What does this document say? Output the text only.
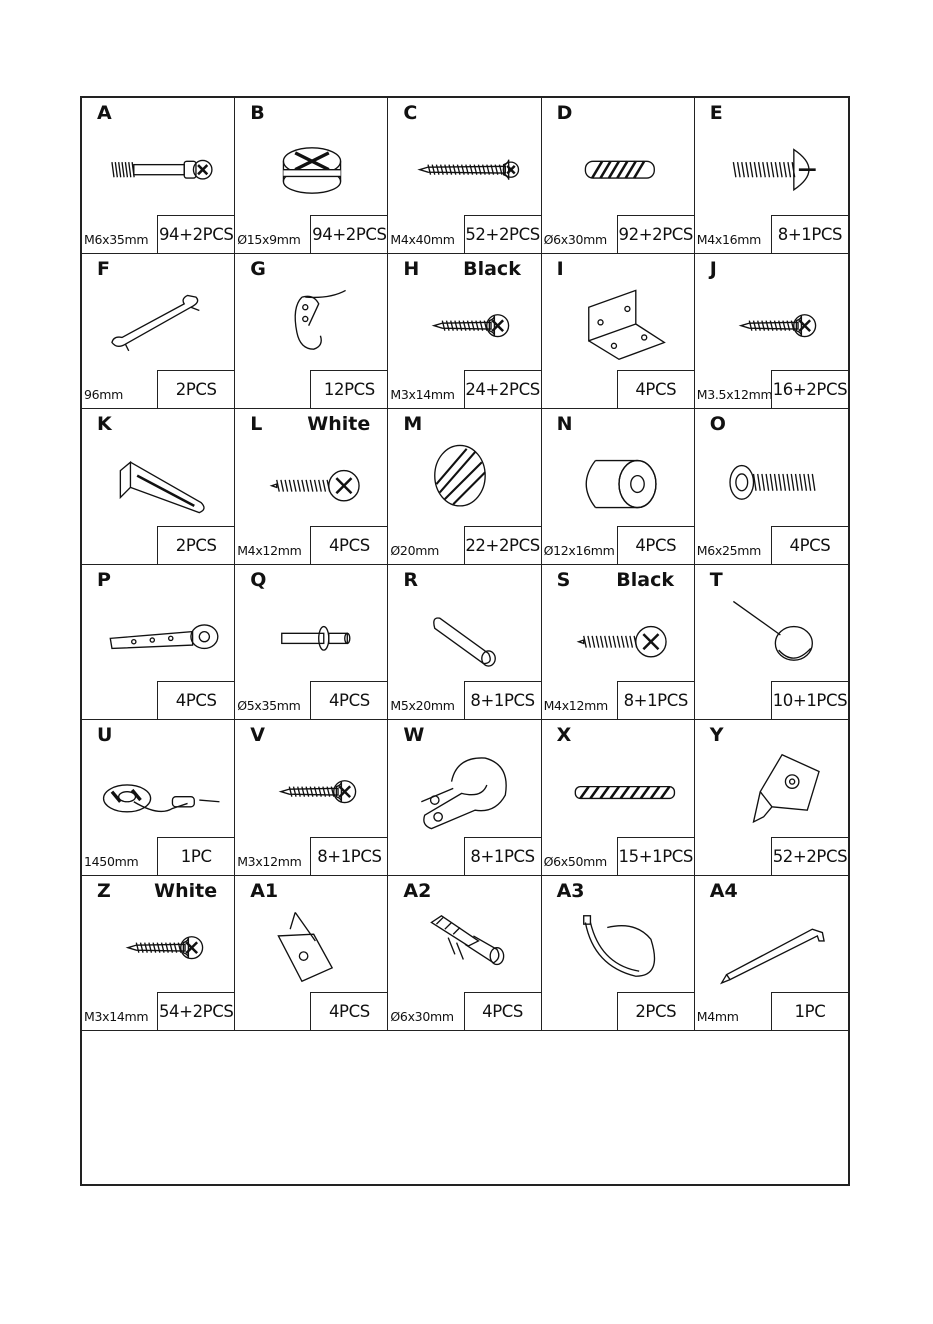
A
M6x35mm 94+2PCS
B
Ø15x9mm 94+2PCS
C
M4x40mm 52+2PCS
D
Ø6x30mm 92+2PCS
E
M4x16mm	8+1PCS
F
96mm	2PCS
G
12PCS
H	Black
M3x14mm 24+2PCS
I
4PCS
J
M3.5x12mm 16+2PCS
K
2PCS
L	White
M4x12mm	4PCS
M
Ø20mm 22+2PCS
N
Ø12x16mm	4PCS
O
M6x25mm	4PCS
P
4PCS
Q
Ø5x35mm	4PCS
R
M5x20mm 8+1PCS
S	Black
M4x12mm 8+1PCS
T
10+1PCS
U
1450mm	1PC
V
M3x12mm 8+1PCS
W
8+1PCS
X
Ø6x50mm 15+1PCS
Y
52+2PCS
Z	White
M3x14mm 54+2PCS
A1
4PCS
A2
Ø6x30mm	4PCS
A3
2PCS
A4
M4mm	1PC
